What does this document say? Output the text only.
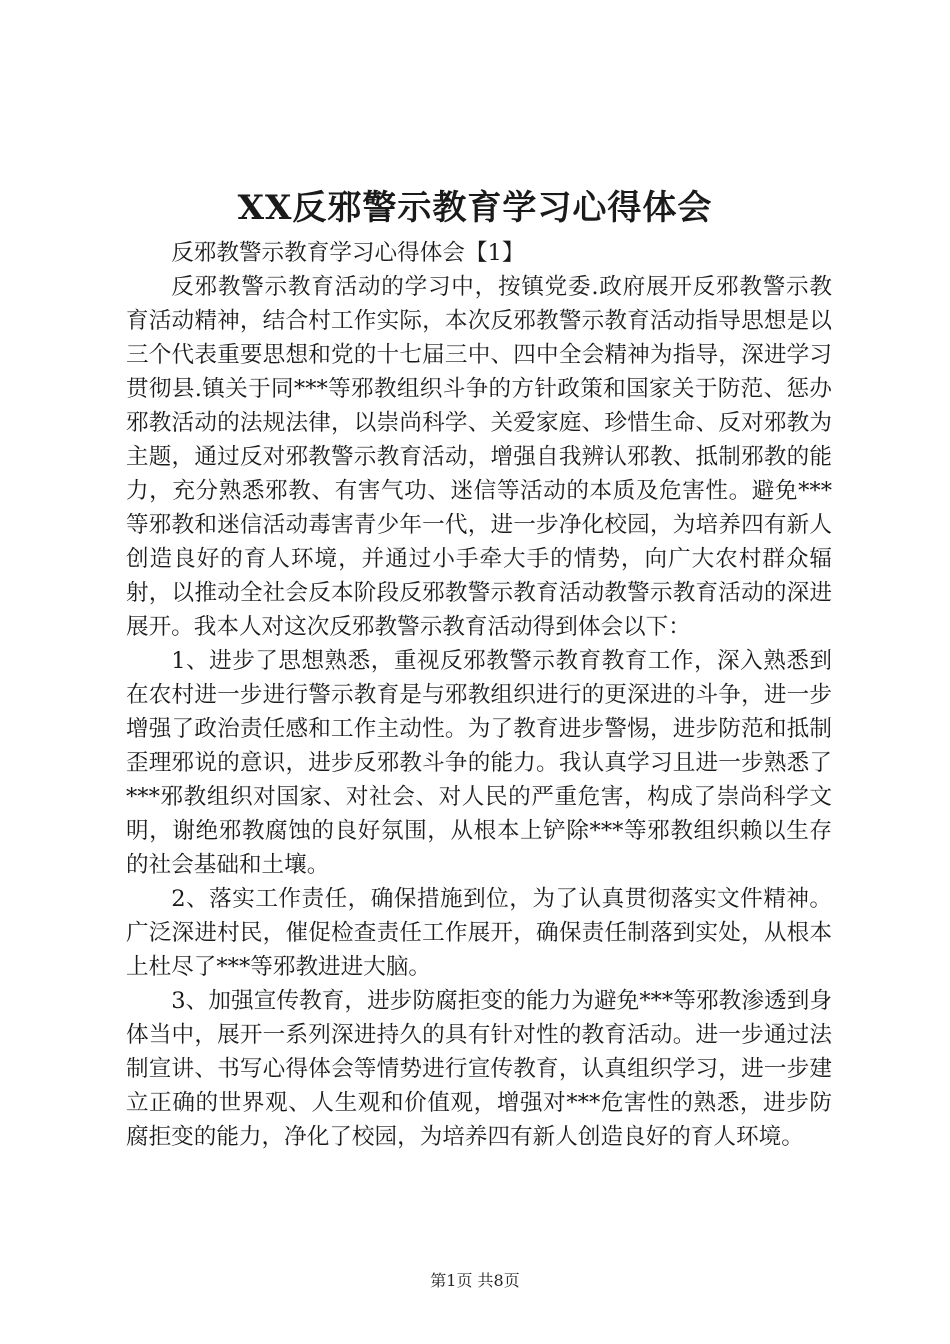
XX反邪警示教育学习心得体会

反邪教警示教育学习心得体会【1】

反邪教警示教育活动的学习中，按镇党委.政府展开反邪教警示教育活动精神，结合村工作实际，本次反邪教警示教育活动指导思想是以三个代表重要思想和党的十七届三中、四中全会精神为指导，深进学习贯彻县.镇关于同***等邪教组织斗争的方针政策和国家关于防范、惩办邪教活动的法规法律，以崇尚科学、关爱家庭、珍惜生命、反对邪教为主题，通过反对邪教警示教育活动，增强自我辨认邪教、抵制邪教的能力，充分熟悉邪教、有害气功、迷信等活动的本质及危害性。避免***等邪教和迷信活动毒害青少年一代，进一步净化校园，为培养四有新人创造良好的育人环境，并通过小手牵大手的情势，向广大农村群众辐射，以推动全社会反本阶段反邪教警示教育活动教警示教育活动的深进展开。我本人对这次反邪教警示教育活动得到体会以下：

1、进步了思想熟悉，重视反邪教警示教育教育工作，深入熟悉到在农村进一步进行警示教育是与邪教组织进行的更深进的斗争，进一步增强了政治责任感和工作主动性。为了教育进步警惕，进步防范和抵制歪理邪说的意识，进步反邪教斗争的能力。我认真学习且进一步熟悉了***邪教组织对国家、对社会、对人民的严重危害，构成了崇尚科学文明，谢绝邪教腐蚀的良好氛围，从根本上铲除***等邪教组织赖以生存的社会基础和土壤。

2、落实工作责任，确保措施到位，为了认真贯彻落实文件精神。广泛深进村民，催促检查责任工作展开，确保责任制落到实处，从根本上杜尽了***等邪教进进大脑。

3、加强宣传教育，进步防腐拒变的能力为避免***等邪教渗透到身体当中，展开一系列深进持久的具有针对性的教育活动。进一步通过法制宣讲、书写心得体会等情势进行宣传教育，认真组织学习，进一步建立正确的世界观、人生观和价值观，增强对***危害性的熟悉，进步防腐拒变的能力，净化了校园，为培养四有新人创造良好的育人环境。

第1页 共8页
